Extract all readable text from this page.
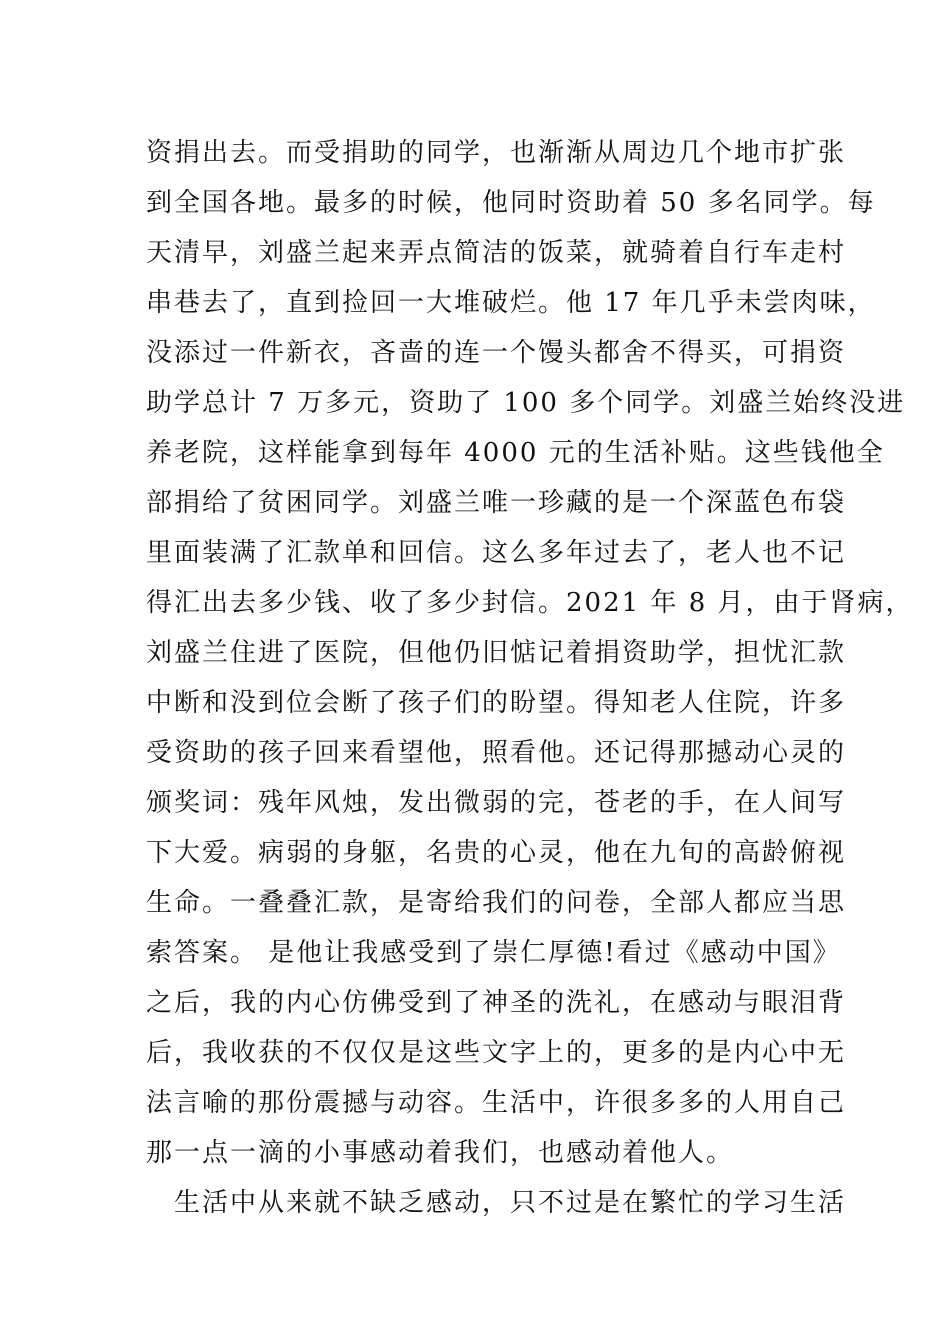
资捐出去。而受捐助的同学，也渐渐从周边几个地市扩张
到全国各地。最多的时候，他同时资助着 50 多名同学。每
天清早，刘盛兰起来弄点简洁的饭菜，就骑着自行车走村
串巷去了，直到捡回一大堆破烂。他 17 年几乎未尝肉味，
没添过一件新衣，吝啬的连一个馒头都舍不得买，可捐资
助学总计 7 万多元，资助了 100 多个同学。刘盛兰始终没进
养老院，这样能拿到每年 4000 元的生活补贴。这些钱他全
部捐给了贫困同学。刘盛兰唯一珍藏的是一个深蓝色布袋
里面装满了汇款单和回信。这么多年过去了，老人也不记
得汇出去多少钱、收了多少封信。2021 年 8 月，由于肾病，
刘盛兰住进了医院，但他仍旧惦记着捐资助学，担忧汇款
中断和没到位会断了孩子们的盼望。得知老人住院，许多
受资助的孩子回来看望他，照看他。还记得那撼动心灵的
颁奖词：残年风烛，发出微弱的完，苍老的手，在人间写
下大爱。病弱的身躯，名贵的心灵，他在九旬的高龄俯视
生命。一叠叠汇款，是寄给我们的问卷，全部人都应当思
索答案。 是他让我感受到了崇仁厚德!看过《感动中国》
之后，我的内心仿佛受到了神圣的洗礼，在感动与眼泪背
后，我收获的不仅仅是这些文字上的，更多的是内心中无
法言喻的那份震撼与动容。生活中，许很多多的人用自己
那一点一滴的小事感动着我们，也感动着他人。
生活中从来就不缺乏感动，只不过是在繁忙的学习生活
